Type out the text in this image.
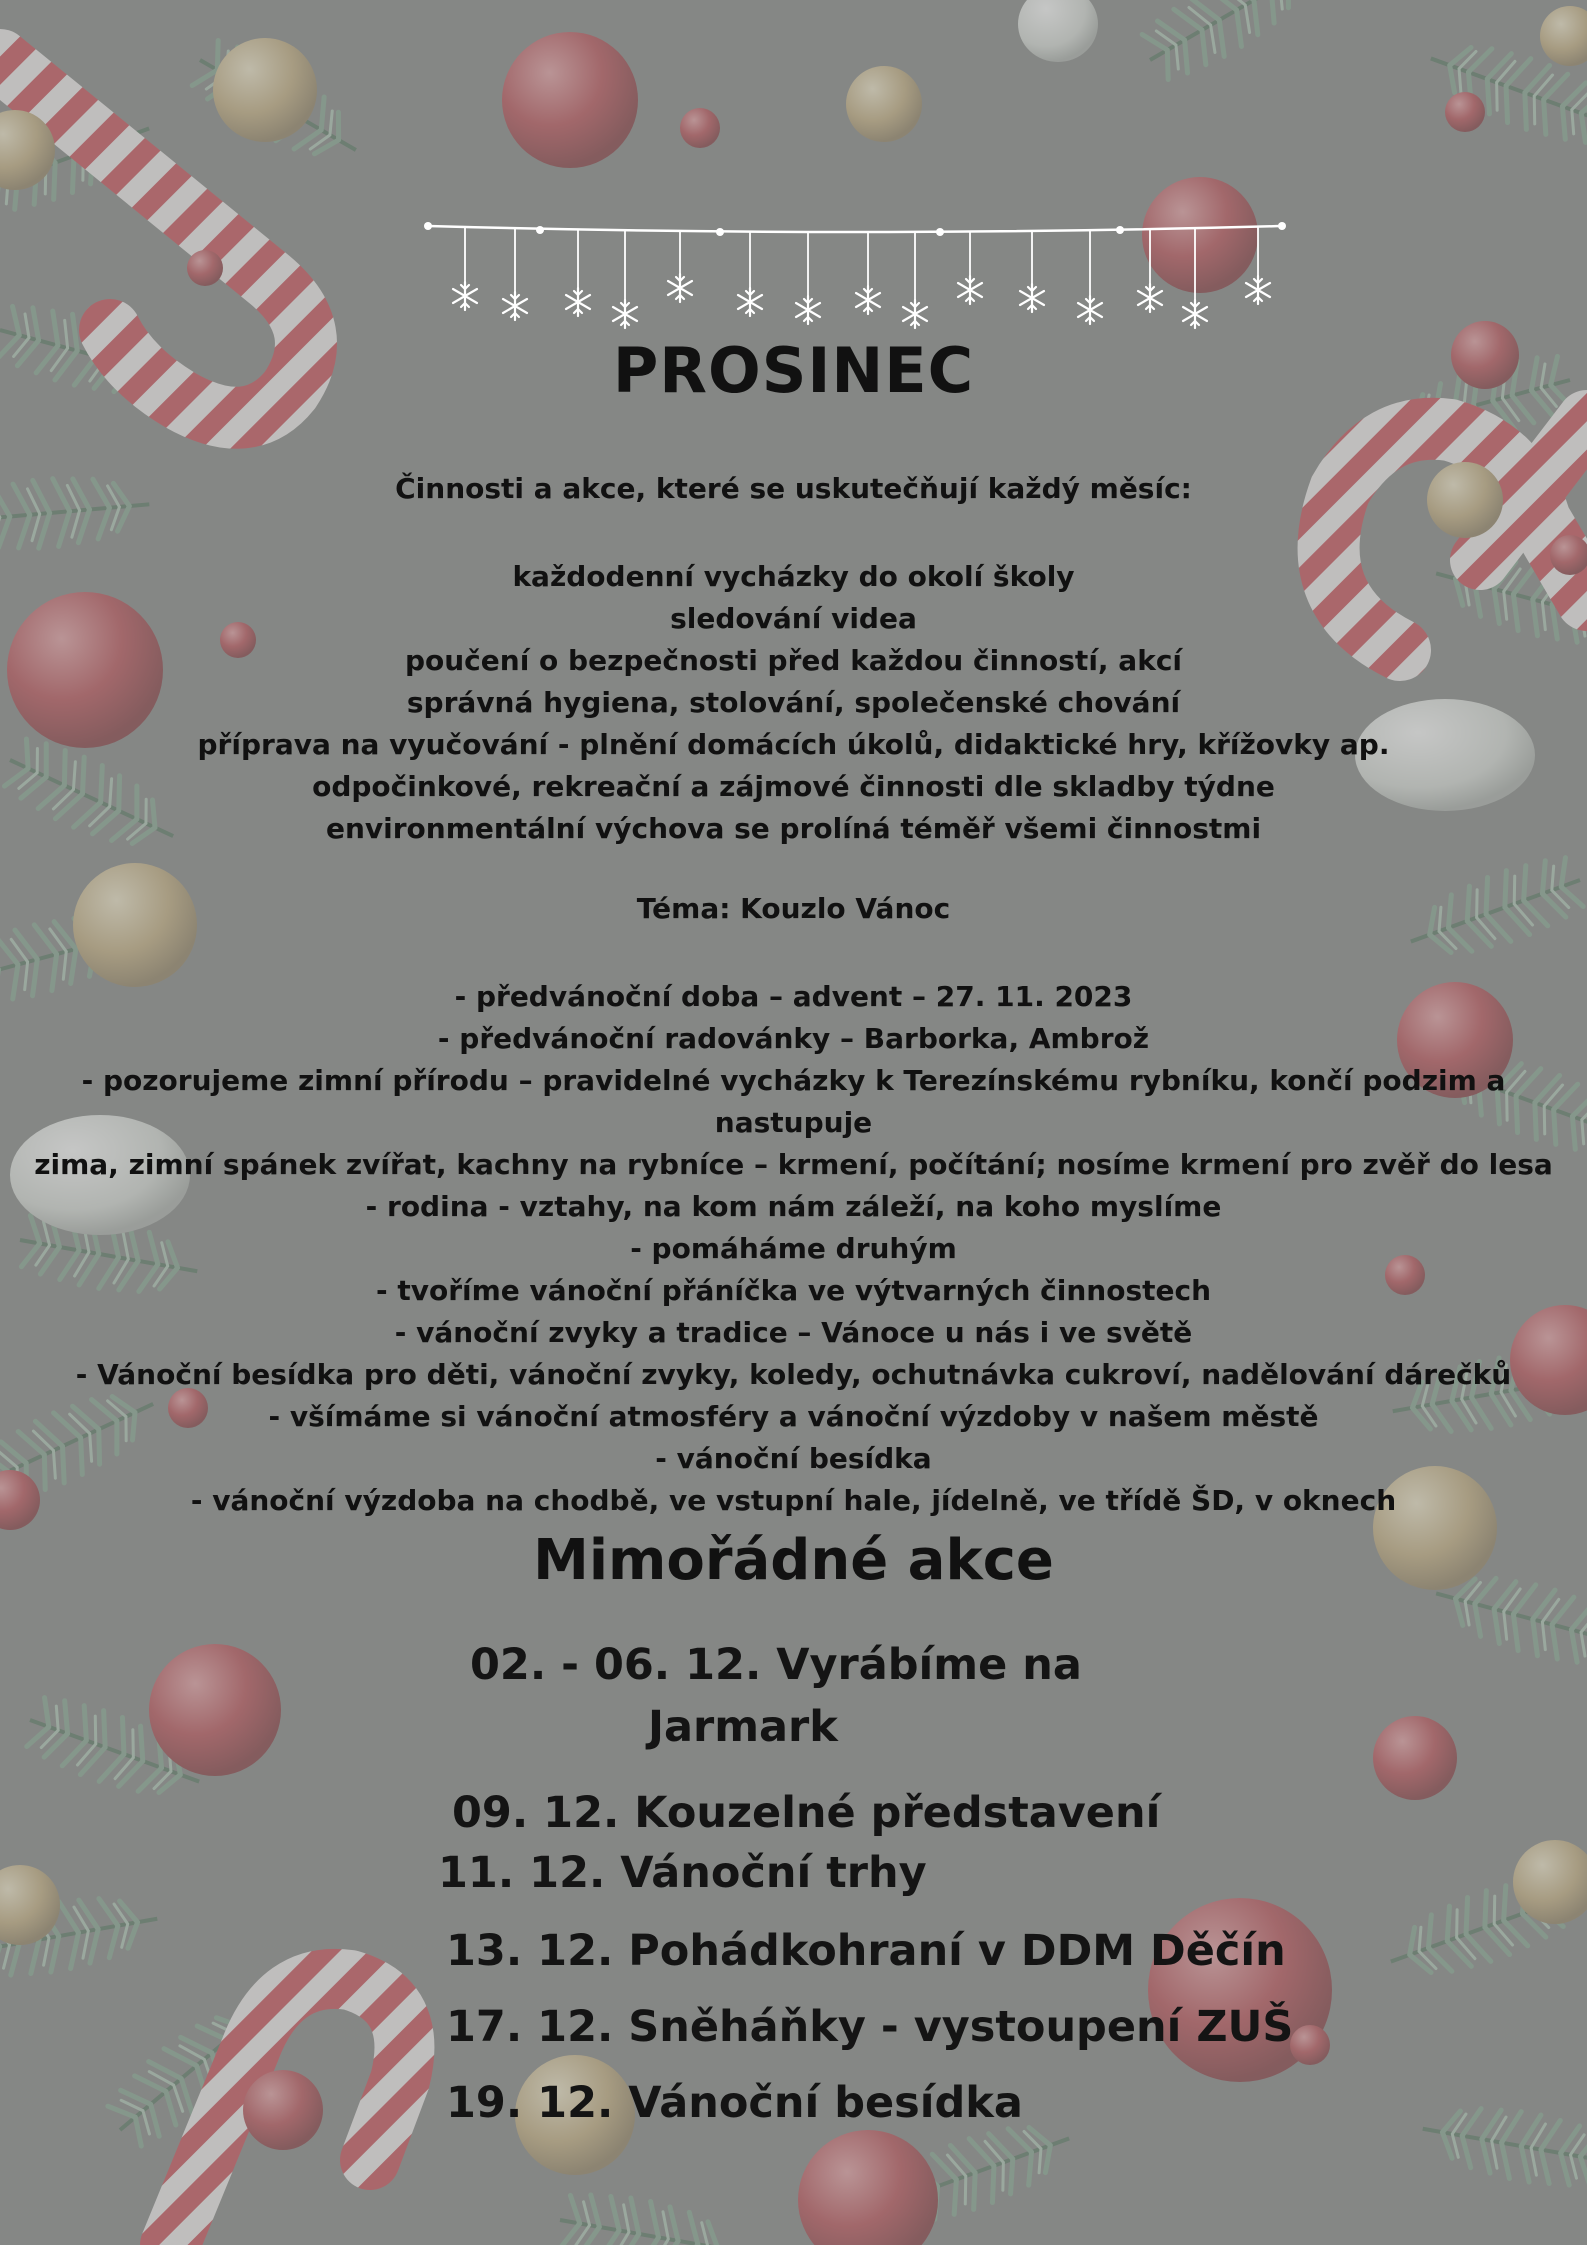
PROSINEC
Činnosti a akce, které se uskutečňují každý měsíc:
každodenní vycházky do okolí školy
sledování videa
poučení o bezpečnosti před každou činností, akcí
správná hygiena, stolování, společenské chování
příprava na vyučování - plnění domácích úkolů, didaktické hry, křížovky ap.
odpočinkové, rekreační a zájmové činnosti dle skladby týdne
environmentální výchova se prolíná téměř všemi činnostmi
Téma: Kouzlo Vánoc
- předvánoční doba – advent – 27. 11. 2023
- předvánoční radovánky – Barborka, Ambrož
- pozorujeme zimní přírodu – pravidelné vycházky k Terezínskému rybníku, končí podzim a nastupuje
zima, zimní spánek zvířat, kachny na rybníce – krmení, počítání; nosíme krmení pro zvěř do lesa
- rodina - vztahy, na kom nám záleží, na koho myslíme
- pomáháme druhým
- tvoříme vánoční přáníčka ve výtvarných činnostech
- vánoční zvyky a tradice – Vánoce u nás i ve světě
- Vánoční besídka pro děti, vánoční zvyky, koledy, ochutnávka cukroví, nadělování dárečků
- všímáme si vánoční atmosféry a vánoční výzdoby v našem městě
- vánoční besídka
- vánoční výzdoba na chodbě, ve vstupní hale, jídelně, ve třídě ŠD, v oknech
Mimořádné akce
02. - 06. 12. Vyrábíme na
Jarmark
09. 12. Kouzelné představení
11. 12. Vánoční trhy
13. 12. Pohádkohraní v DDM Děčín
17. 12. Sněháňky - vystoupení ZUŠ
19. 12. Vánoční besídka
